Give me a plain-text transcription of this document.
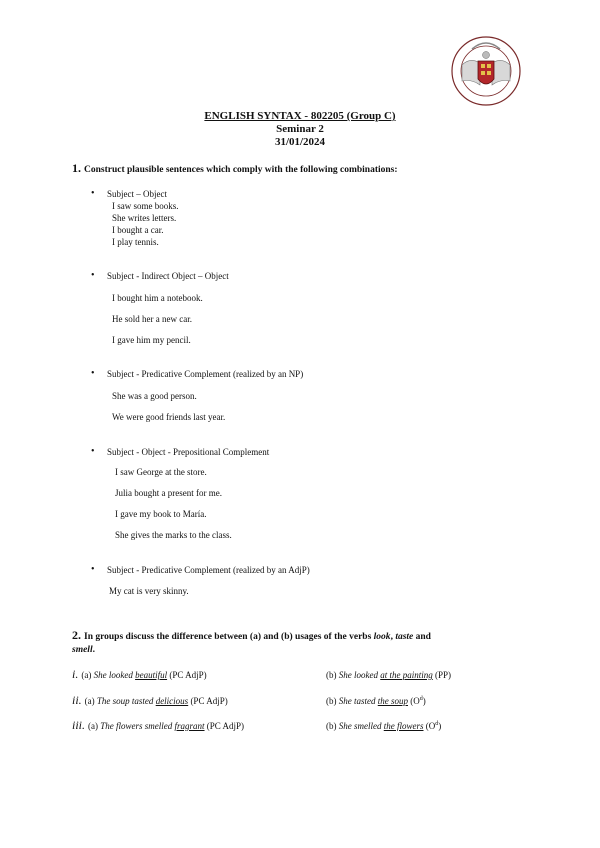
ENGLISH SYNTAX - 802205 (Group C)
Seminar 2
31/01/2024
1. Construct plausible sentences which comply with the following combinations:
• Subject – Object
I saw some books.
She writes letters.
I bought a car.
I play tennis.
• Subject - Indirect Object – Object
I bought him a notebook.
He sold her a new car.
I gave him my pencil.
• Subject - Predicative Complement (realized by an NP)
She was a good person.
We were good friends last year.
• Subject - Object - Prepositional Complement
I saw George at the store.
Julia bought a present for me.
I gave my book to María.
She gives the marks to the class.
• Subject - Predicative Complement (realized by an AdjP)
My cat is very skinny.
2. In groups discuss the difference between (a) and (b) usages of the verbs look, taste and
smell.
i. (a) She looked beautiful (PC AdjP)	(b) She looked at the painting (PP)
ii. (a) The soup tasted delicious (PC AdjP)	(b) She tasted the soup $(O^d)$
iii. (a) The flowers smelled fragrant (PC AdjP)	(b) She smelled the flowers $(O^d)$
